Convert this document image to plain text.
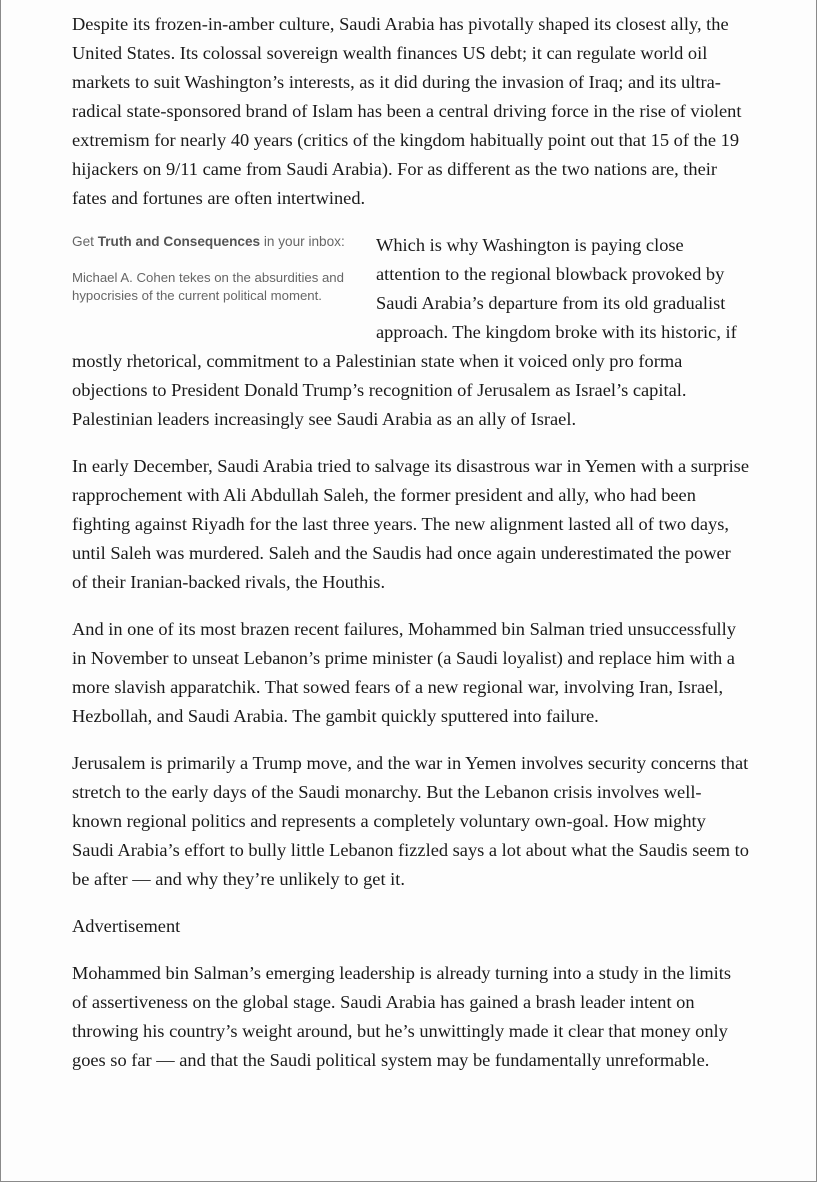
Despite its frozen-in-amber culture, Saudi Arabia has pivotally shaped its closest ally, the United States. Its colossal sovereign wealth finances US debt; it can regulate world oil markets to suit Washington’s interests, as it did during the invasion of Iraq; and its ultra-radical state-sponsored brand of Islam has been a central driving force in the rise of violent extremism for nearly 40 years (critics of the kingdom habitually point out that 15 of the 19 hijackers on 9/11 came from Saudi Arabia). For as different as the two nations are, their fates and fortunes are often intertwined.

Get Truth and Consequences in your inbox:

Michael A. Cohen tekes on the absurdities and hypocrisies of the current political moment.

Which is why Washington is paying close attention to the regional blowback provoked by Saudi Arabia’s departure from its old gradualist approach. The kingdom broke with its historic, if mostly rhetorical, commitment to a Palestinian state when it voiced only pro forma objections to President Donald Trump’s recognition of Jerusalem as Israel’s capital. Palestinian leaders increasingly see Saudi Arabia as an ally of Israel.

In early December, Saudi Arabia tried to salvage its disastrous war in Yemen with a surprise rapprochement with Ali Abdullah Saleh, the former president and ally, who had been fighting against Riyadh for the last three years. The new alignment lasted all of two days, until Saleh was murdered. Saleh and the Saudis had once again underestimated the power of their Iranian-backed rivals, the Houthis.

And in one of its most brazen recent failures, Mohammed bin Salman tried unsuccessfully in November to unseat Lebanon’s prime minister (a Saudi loyalist) and replace him with a more slavish apparatchik. That sowed fears of a new regional war, involving Iran, Israel, Hezbollah, and Saudi Arabia. The gambit quickly sputtered into failure.

Jerusalem is primarily a Trump move, and the war in Yemen involves security concerns that stretch to the early days of the Saudi monarchy. But the Lebanon crisis involves well-known regional politics and represents a completely voluntary own-goal. How mighty Saudi Arabia’s effort to bully little Lebanon fizzled says a lot about what the Saudis seem to be after — and why they’re unlikely to get it.

Advertisement

Mohammed bin Salman’s emerging leadership is already turning into a study in the limits of assertiveness on the global stage. Saudi Arabia has gained a brash leader intent on throwing his country’s weight around, but he’s unwittingly made it clear that money only goes so far — and that the Saudi political system may be fundamentally unreformable.
